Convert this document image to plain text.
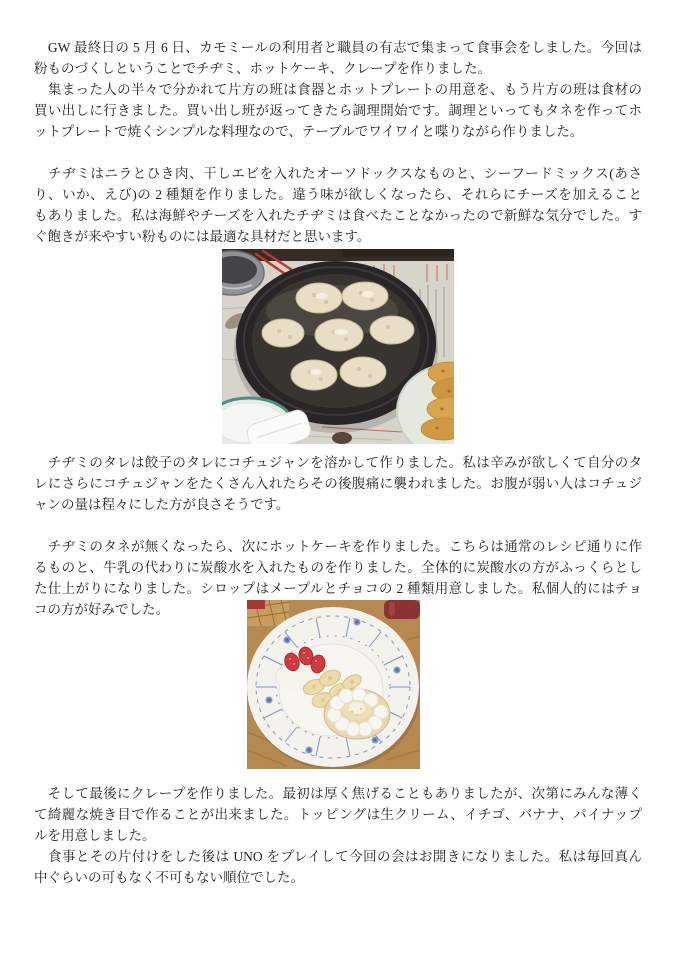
　GW 最終日の 5 月 6 日、カモミールの利用者と職員の有志で集まって食事会をしました。今回は
粉ものづくしということでチヂミ、ホットケーキ、クレープを作りました。
　集まった人の半々で分かれて片方の班は食器とホットプレートの用意を、もう片方の班は食材の
買い出しに行きました。買い出し班が返ってきたら調理開始です。調理といってもタネを作ってホ
ットプレートで焼くシンプルな料理なので、テーブルでワイワイと喋りながら作りました。
　チヂミはニラとひき肉、干しエビを入れたオーソドックスなものと、シーフードミックス(あさ
り、いか、えび)の 2 種類を作りました。違う味が欲しくなったら、それらにチーズを加えること
もありました。私は海鮮やチーズを入れたチヂミは食べたことなかったので新鮮な気分でした。す
ぐ飽きが来やすい粉ものには最適な具材だと思います。
　チヂミのタレは餃子のタレにコチュジャンを溶かして作りました。私は辛みが欲しくて自分のタ
レにさらにコチュジャンをたくさん入れたらその後腹痛に襲われました。お腹が弱い人はコチュジ
ャンの量は程々にした方が良さそうです。
　チヂミのタネが無くなったら、次にホットケーキを作りました。こちらは通常のレシピ通りに作
るものと、牛乳の代わりに炭酸水を入れたものを作りました。全体的に炭酸水の方がふっくらとし
た仕上がりになりました。シロップはメープルとチョコの 2 種類用意しました。私個人的にはチョ
コの方が好みでした。
　そして最後にクレープを作りました。最初は厚く焦げることもありましたが、次第にみんな薄く
て綺麗な焼き目で作ることが出来ました。トッピングは生クリーム、イチゴ、バナナ、パイナップ
ルを用意しました。
　食事とその片付けをした後は UNO をプレイして今回の会はお開きになりました。私は毎回真ん
中ぐらいの可もなく不可もない順位でした。
